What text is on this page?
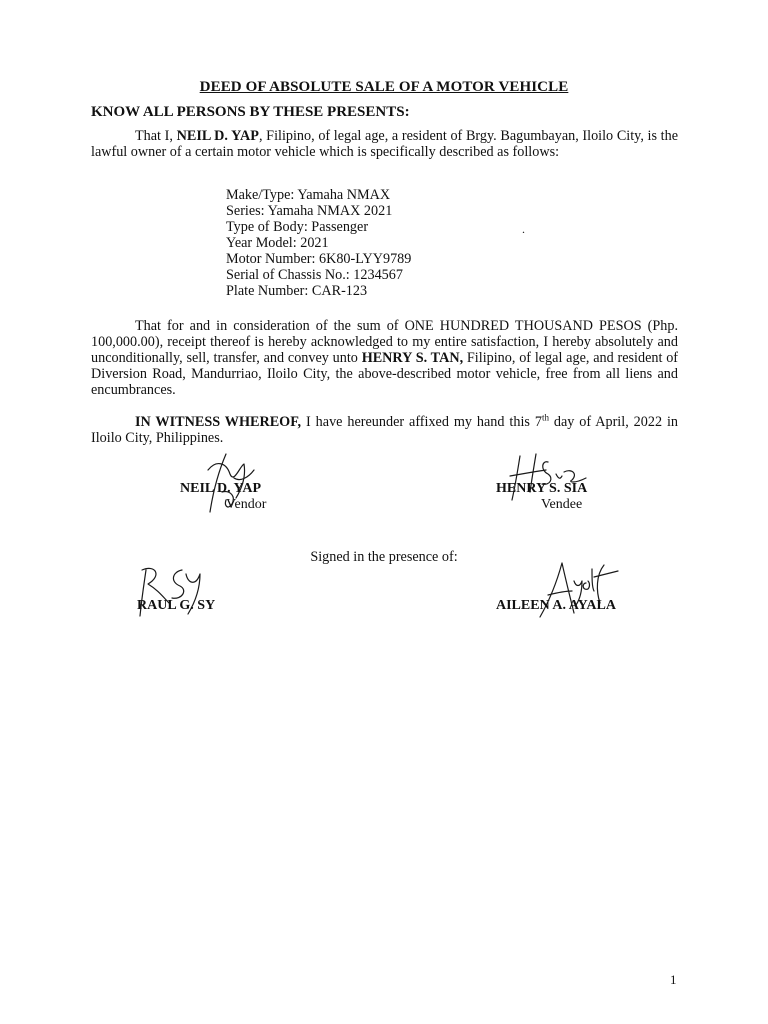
DEED OF ABSOLUTE SALE OF A MOTOR VEHICLE
KNOW ALL PERSONS BY THESE PRESENTS:
That I, NEIL D. YAP, Filipino, of legal age, a resident of Brgy. Bagumbayan, Iloilo City, is the lawful owner of a certain motor vehicle which is specifically described as follows:
Make/Type: Yamaha NMAX
Series: Yamaha NMAX 2021
Type of Body: Passenger
Year Model: 2021
Motor Number: 6K80-LYY9789
Serial of Chassis No.: 1234567
Plate Number: CAR-123
.
That for and in consideration of the sum of ONE HUNDRED THOUSAND PESOS (Php. 100,000.00), receipt thereof is hereby acknowledged to my entire satisfaction, I hereby absolutely and unconditionally, sell, transfer, and convey unto HENRY S. TAN, Filipino, of legal age, and resident of Diversion Road, Mandurriao, Iloilo City, the above-described motor vehicle, free from all liens and encumbrances.
IN WITNESS WHEREOF, I have hereunder affixed my hand this 7th day of April, 2022 in Iloilo City, Philippines.
NEIL D. YAP
Vendor
HENRY S. SIA
Vendee
Signed in the presence of:
RAUL G. SY	AILEEN A. AYALA
1
